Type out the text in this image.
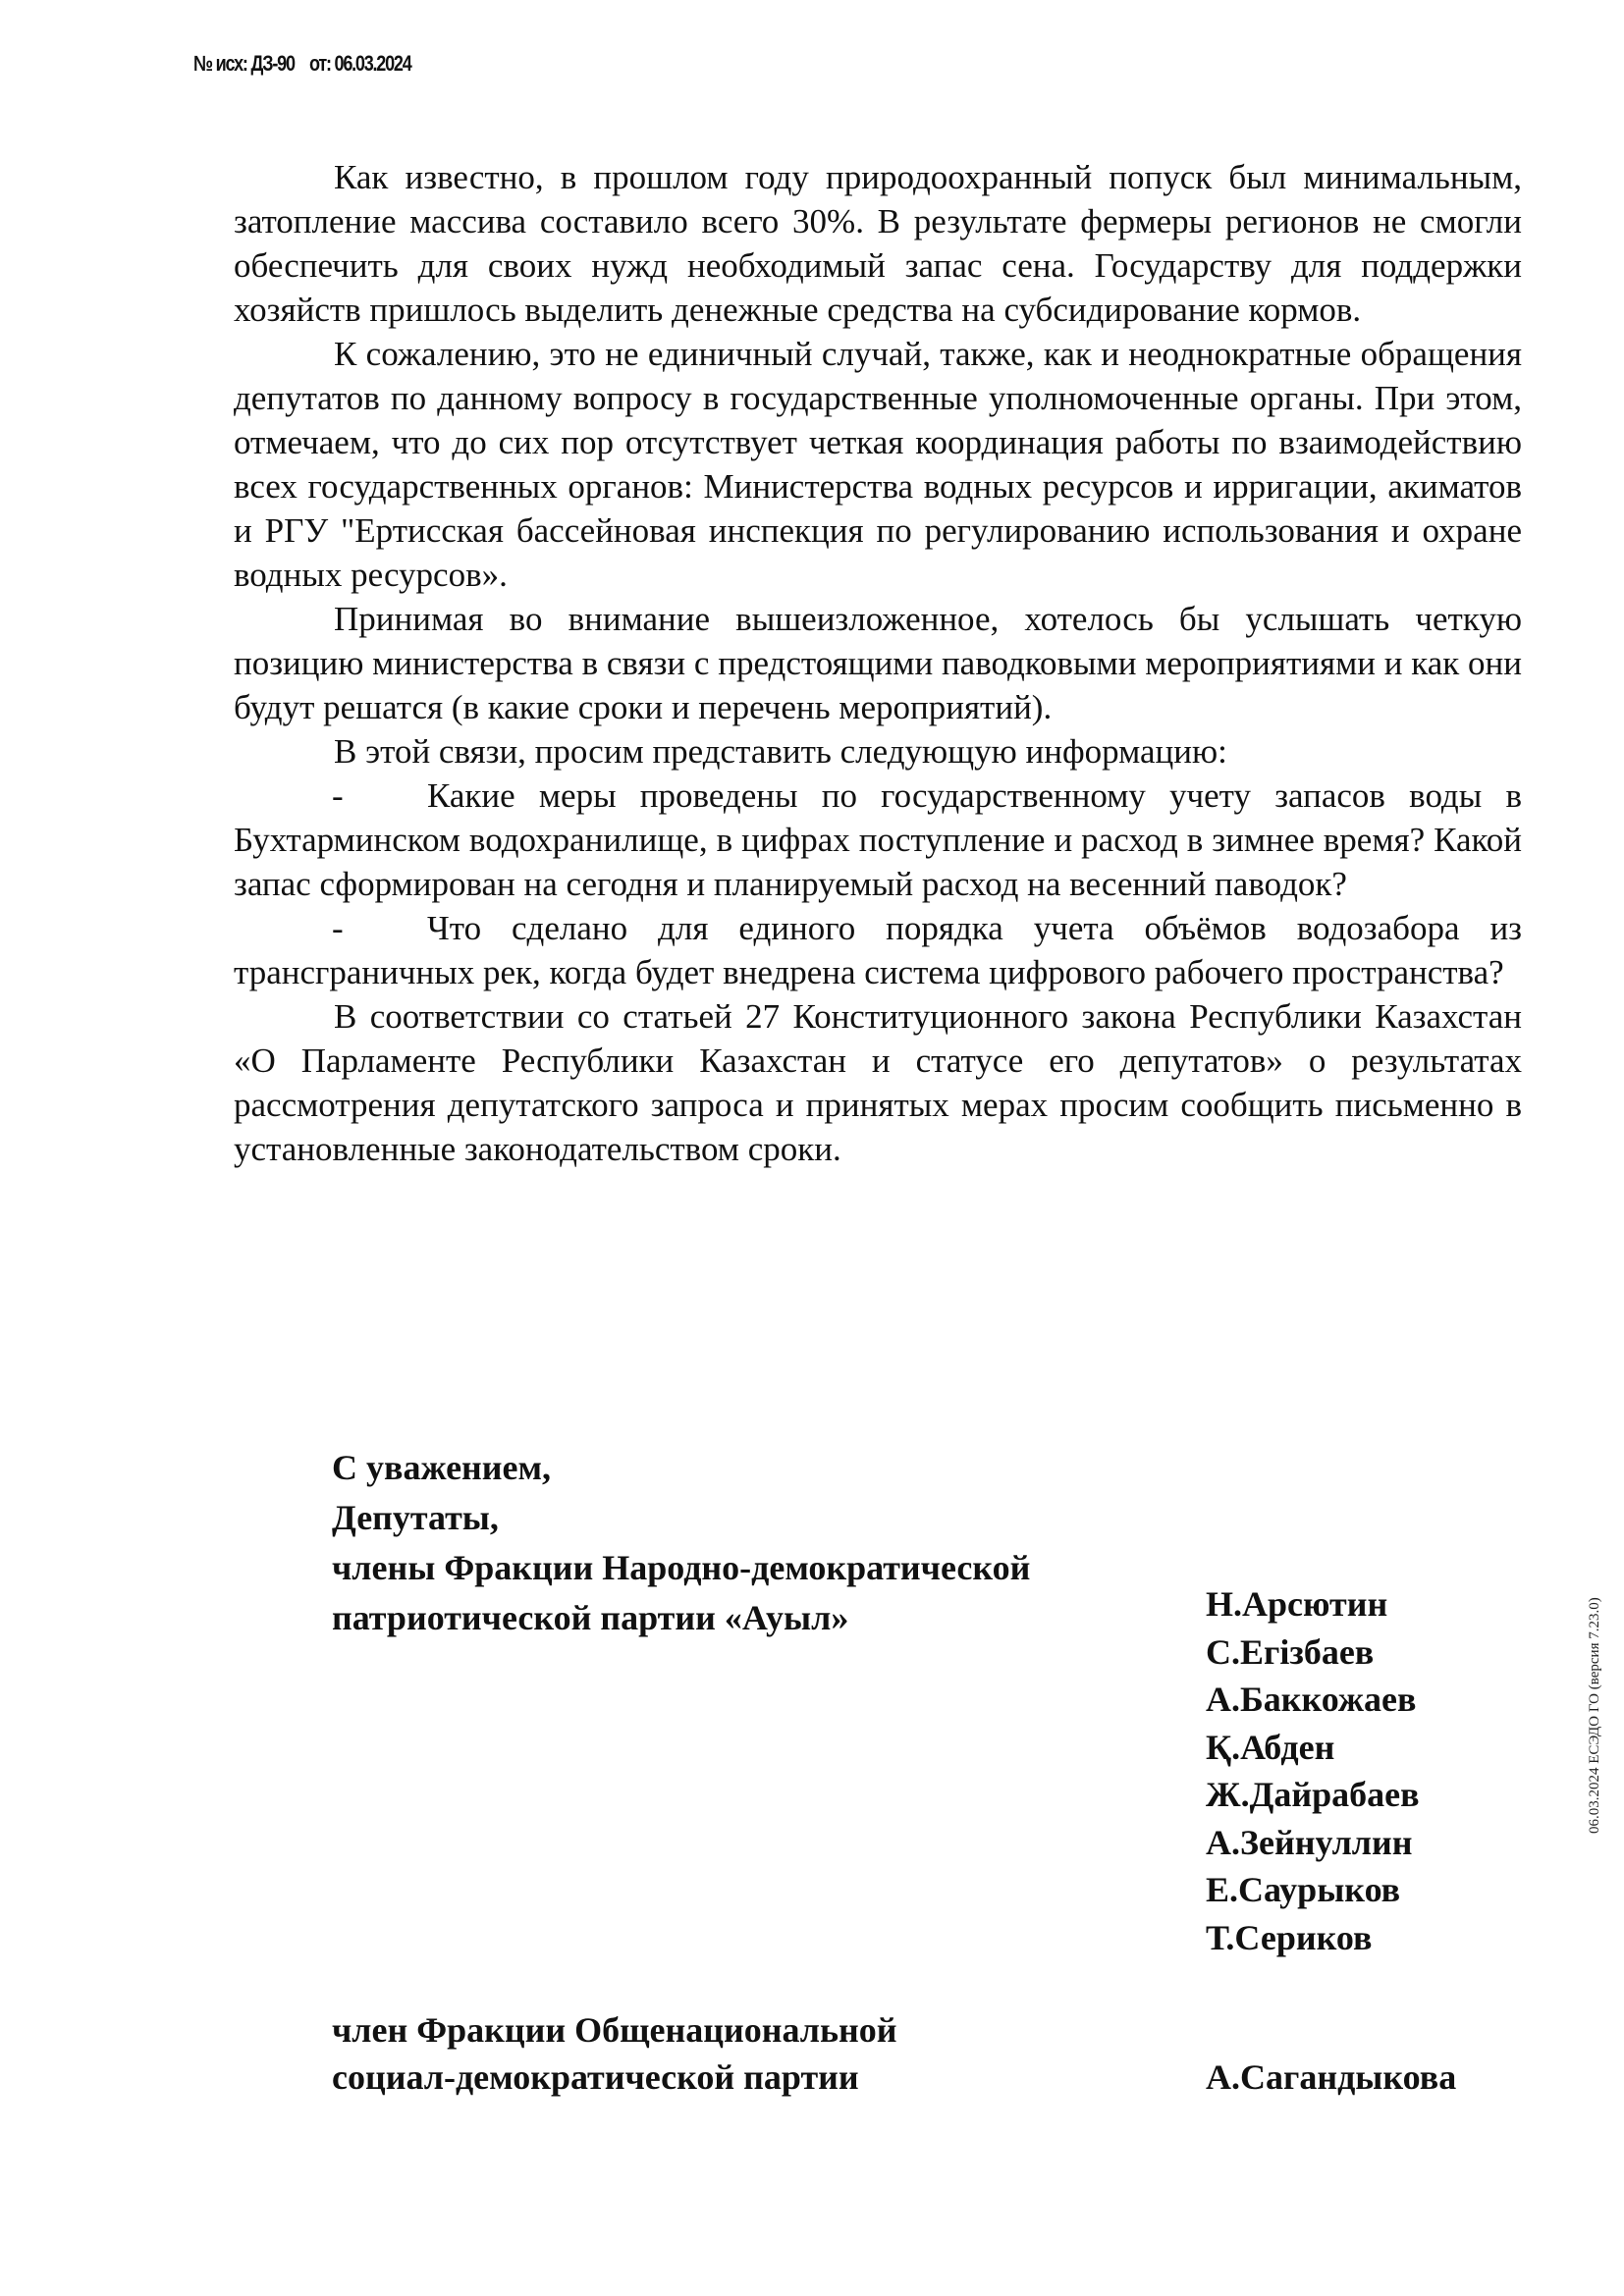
№ исх: ДЗ-90 от: 06.03.2024

Как известно, в прошлом году природоохранный попуск был минимальным, затопление массива составило всего 30%. В результате фермеры регионов не смогли обеспечить для своих нужд необходимый запас сена. Государству для поддержки хозяйств пришлось выделить денежные средства на субсидирование кормов.

К сожалению, это не единичный случай, также, как и неоднократные обращения депутатов по данному вопросу в государственные уполномоченные органы. При этом, отмечаем, что до сих пор отсутствует четкая координация работы по взаимодействию всех государственных органов: Министерства водных ресурсов и ирригации, акиматов и РГУ "Ертисская бассейновая инспекция по регулированию использования и охране водных ресурсов».

Принимая во внимание вышеизложенное, хотелось бы услышать четкую позицию министерства в связи с предстоящими паводковыми мероприятиями и как они будут решатся (в какие сроки и перечень мероприятий).

В этой связи, просим представить следующую информацию:

- Какие меры проведены по государственному учету запасов воды в Бухтарминском водохранилище, в цифрах поступление и расход в зимнее время? Какой запас сформирован на сегодня и планируемый расход на весенний паводок?

- Что сделано для единого порядка учета объёмов водозабора из трансграничных рек, когда будет внедрена система цифрового рабочего пространства?

В соответствии со статьей 27 Конституционного закона Республики Казахстан «О Парламенте Республики Казахстан и статусе его депутатов» о результатах рассмотрения депутатского запроса и принятых мерах просим сообщить письменно в установленные законодательством сроки.

С уважением,
Депутаты,
члены Фракции Народно-демократической
патриотической партии «Ауыл»	Н.Арсютин
С.Егізбаев
А.Баккожаев
Қ.Абден
Ж.Дайрабаев
А.Зейнуллин
Е.Саурыков
Т.Сериков
член Фракции Общенациональной
социал-демократической партии	А.Сагандыкова
06.03.2024 ЕСЭДО ГО (версия 7.23.0)
